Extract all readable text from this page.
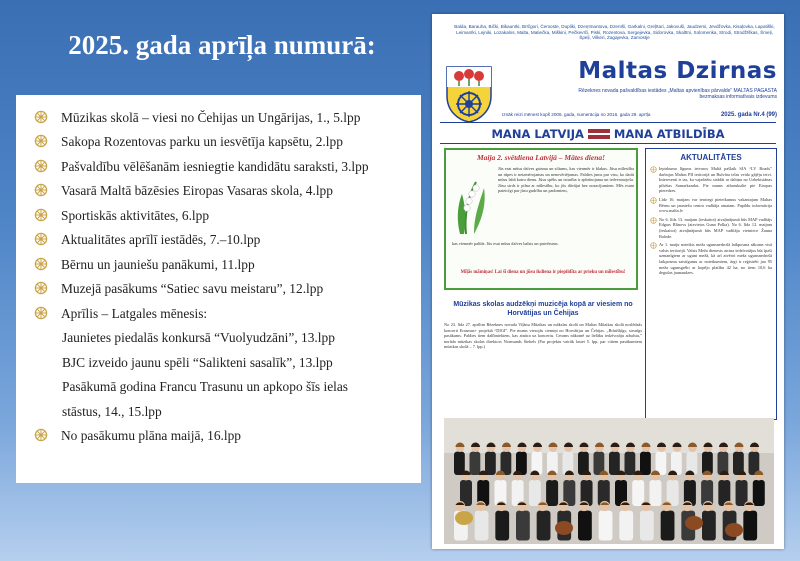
2025. gada aprīļa numurā:
Mūzikas skolā – viesi no Čehijas un Ungārijas, 1., 5.lpp
Sakopa Rozentovas parku un iesvētīja kapsētu, 2.lpp
Pašvaldību vēlēšanām iesniegtie kandidātu saraksti, 3.lpp
Vasarā Maltā bāzēsies Eiropas Vasaras skola, 4.lpp
Sportiskās aktivitātes, 6.lpp
Aktualitātes aprīlī iestādēs, 7.–10.lpp
Bērnu un jauniešu panākumi, 11.lpp
Muzejā pasākums “Satiec savu meistaru”, 12.lpp
Aprīlis – Latgales mēnesis:
Jaunietes piedalās konkursā “Vuolyudzāni”, 13.lpp
BJC izveido jaunu spēli “Salikteni sasalīk”, 13.lpp
Pasākumā godina Francu Trasunu un apkopo šīs ielas
stāstus, 14., 15.lpp
No pasākumu plāna maijā, 16.lpp
Balda, Barauha, Bički, Bikaunīki, Brīčgori, Čemoste, Dupliki, Dzeņīmantova, Dzenīši, Garkalni, Greļītari, Jakovuši, Jaudzemi, Jevdžovka, Kisaļovka, Lapatiški, Leimanīki, Lejniki, Lozakalns, Malta, Matiečka, Miškini, Pečkevīči, Piski, Rozentova, Sergejevka, Sidorovka, Skaltīni, Solomenka, Strodi, Strodžīškas, Šmeļi, Špeļi, Vilkeri, Zagajevka, Zamostje
Maltas Dzirnas
Rēzeknes novada pašvaldības iestādes „Maltas apvienības pārvalde” MALTAS PAGASTA bezmaksas informatīvais izdevums
Iznāk reizi mēnesī kopš 2006. gada, numerācija no 2016. gada 29. aprīļa	2025. gada Nr.4 (99)
MANA LATVIJA	MANA ATBILDĪBA
Maija 2. svētdiena Latvijā – Mātes diena!
Jūs esat mūsu dzīves gaisma un siltums, kas vienmēr ir blakus. Jūsu mīlestība un rūpes ir neizmērojamas un nenovērtējamas. Paldies jums par visu, ko darāt mūsu labā katru dienu. Jūsu spēks un izturība ir apbrīnojama un iedvesmojoša. Jūsu sirds ir pilna ar mīlestību, ko jūs dāvājat bez nosacījumiem. Mēs esam pateicīgi par jūsu gudrību un padomiem,
kas vienmēr palīdz. Jūs esat mūsu dzīves balsts un patvērums.
Mīļās māmiņas! Lai šī diena un jūsu ikdiena ir piepildīta ar prieku un mīlestību!
Mūzikas skolas audzēkņi muzicēja kopā ar viesiem no Horvātijas un Čehijas
No 23. līdz 27. aprīlim Rēzeknes novada Viļānu Mūzikas un mākslas skolā un Maltas Mūzikas skolā noslēdzās koncerti Erasmus+ projektā “DIGI”. Pie mums viesojās ciemiņi no Horvātijas un Čehijas. „Brīnišķīgs, sirsnīgs pasākums. Paldies tiem dalībniekiem, kas atnāca uz koncertu. Cerams nākotnē uz lielāku iedzīvotāju atbalstu,” norāda mūzikas skolas direktors Normunds Štekels (Par projektu vairāk lasiet 5. lpp, par citiem pasākumiem mūzikas skolā – 7. lpp.)
AKTUALITĀTES
Iepirkuma līgums ietvaros Maltā pašlaik SIA “LV Roads” darbojas Maltas PII teritorijā un Bulvāra ielas veido gājēju ietvi. Interesenti ir tas, ka vajadzētu strādāt ar dabiņu no Uzbekistānas pilsētas Samarkandas. Pie mums atbraukušie pie Eiropas pieredzes.
Līdz 16. maijam var iesniegt pieteikumus vakantajam Maltas Bērnu un jauniešu centra vadītāja amatam. Papildu informācija www.malta.lv
No 6. līdz 13. maijam (ieskaitot) atvaļinājumā būs MAP vadītājs Edgars Blinovs (aizvietos Guna Polka). No 6. līdz 12. maijam (ieskaitot) atvaļinājumā būs MAP vadītāja vietniece Žanna Balode.
Ar 1. maiju noteikts meža ugunsnedrošā laikposma sākums visā valsts teritorijā. Valsts Meža dienests aicina iedzīvotājus būt īpaši uzmanīgiem ar uguni mežā, kā arī atvērot meža ugunsnedrošā laikposma saistīgumu ar noteikumiem, ārgi ir reģistrēti jau 95 meža ugunsgrēki ar kopējo platību 42 ha, no tiem 10,6 ha degušas jaunaudzes.
